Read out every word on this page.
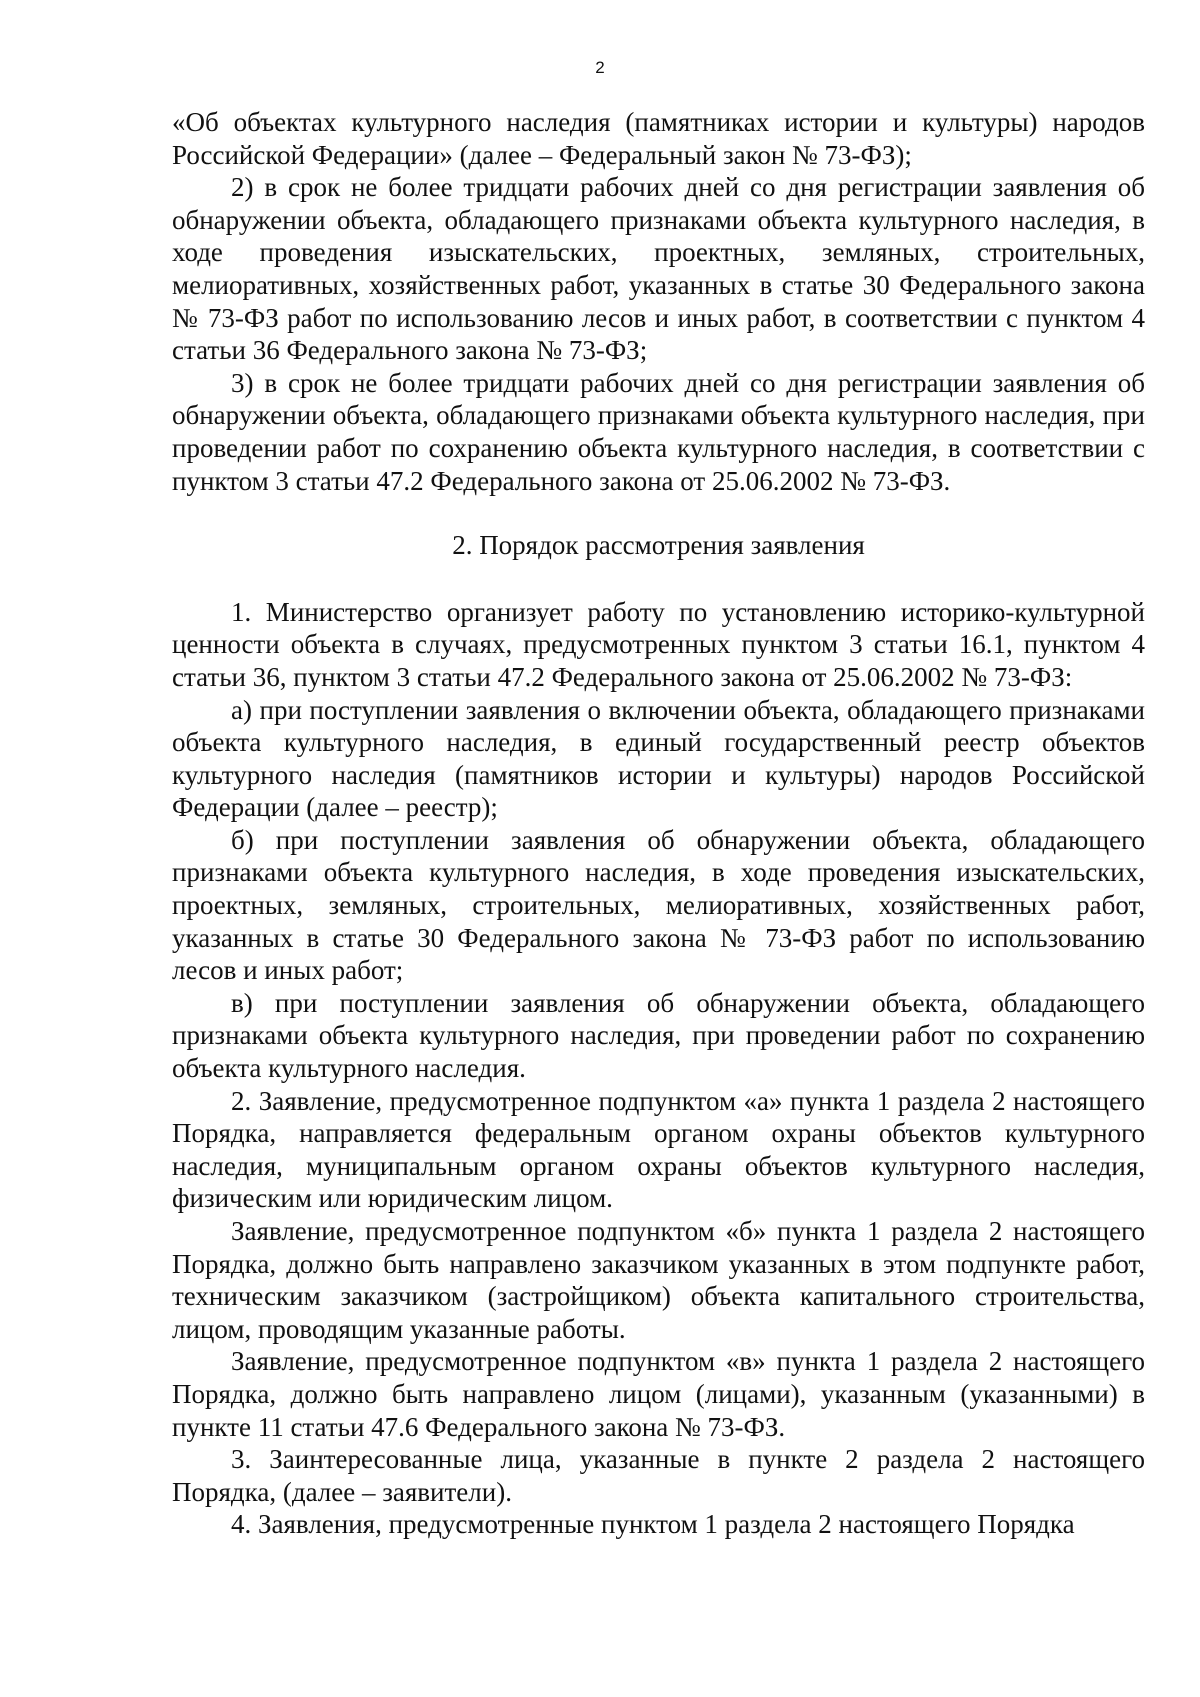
2

«Об объектах культурного наследия (памятниках истории и культуры) народов Российской Федерации» (далее – Федеральный закон № 73-ФЗ);

2) в срок не более тридцати рабочих дней со дня регистрации заявления об обнаружении объекта, обладающего признаками объекта культурного наследия, в ходе проведения изыскательских, проектных, земляных, строительных, мелиоративных, хозяйственных работ, указанных в статье 30 Федерального закона № 73-ФЗ работ по использованию лесов и иных работ, в соответствии с пунктом 4 статьи 36 Федерального закона № 73-ФЗ;

3) в срок не более тридцати рабочих дней со дня регистрации заявления об обнаружении объекта, обладающего признаками объекта культурного наследия, при проведении работ по сохранению объекта культурного наследия, в соответствии с пунктом 3 статьи 47.2 Федерального закона от 25.06.2002 № 73-ФЗ.

2. Порядок рассмотрения заявления

1. Министерство организует работу по установлению историко-культурной ценности объекта в случаях, предусмотренных пунктом 3 статьи 16.1, пунктом 4 статьи 36, пунктом 3 статьи 47.2 Федерального закона от 25.06.2002 № 73-ФЗ:

а) при поступлении заявления о включении объекта, обладающего признаками объекта культурного наследия, в единый государственный реестр объектов культурного наследия (памятников истории и культуры) народов Российской Федерации (далее – реестр);

б) при поступлении заявления об обнаружении объекта, обладающего признаками объекта культурного наследия, в ходе проведения изыскательских, проектных, земляных, строительных, мелиоративных, хозяйственных работ, указанных в статье 30 Федерального закона № 73-ФЗ работ по использованию лесов и иных работ;

в) при поступлении заявления об обнаружении объекта, обладающего признаками объекта культурного наследия, при проведении работ по сохранению объекта культурного наследия.

2. Заявление, предусмотренное подпунктом «а» пункта 1 раздела 2 настоящего Порядка, направляется федеральным органом охраны объектов культурного наследия, муниципальным органом охраны объектов культурного наследия, физическим или юридическим лицом.

Заявление, предусмотренное подпунктом «б» пункта 1 раздела 2 настоящего Порядка, должно быть направлено заказчиком указанных в этом подпункте работ, техническим заказчиком (застройщиком) объекта капитального строительства, лицом, проводящим указанные работы.

Заявление, предусмотренное подпунктом «в» пункта 1 раздела 2 настоящего Порядка, должно быть направлено лицом (лицами), указанным (указанными) в пункте 11 статьи 47.6 Федерального закона № 73-ФЗ.

3. Заинтересованные лица, указанные в пункте 2 раздела 2 настоящего Порядка, (далее – заявители).

4. Заявления, предусмотренные пунктом 1 раздела 2 настоящего Порядка
